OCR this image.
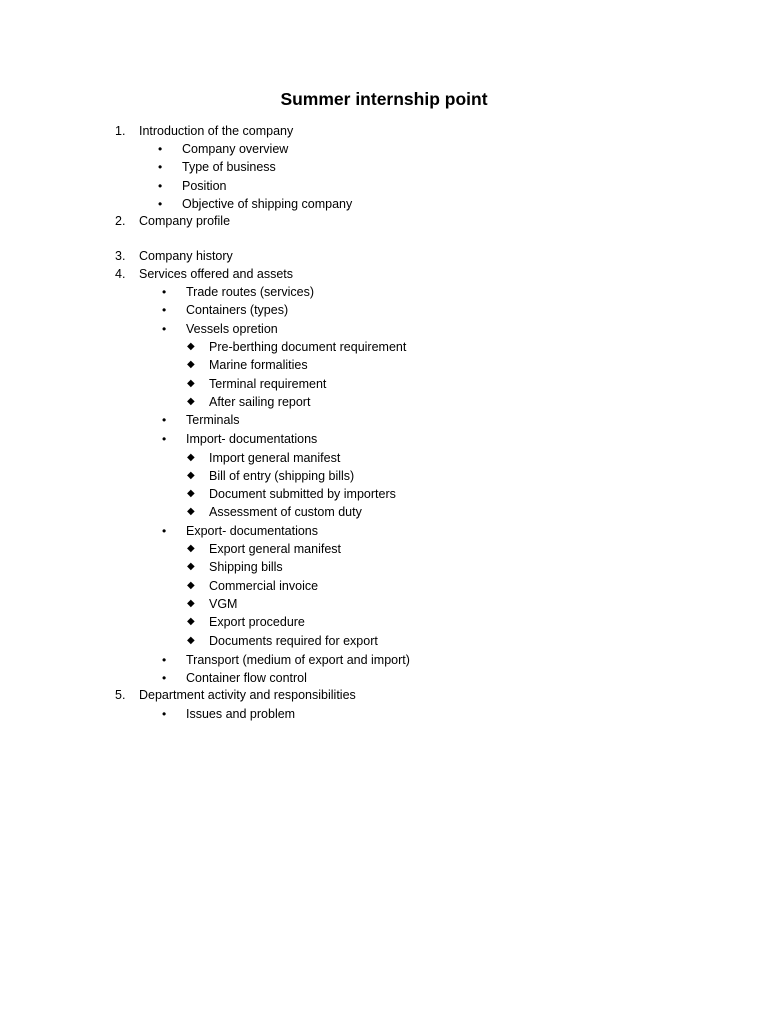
Summer internship point
1. Introduction of the company
• Company overview
• Type of business
• Position
• Objective of shipping company
2. Company profile
3. Company history
4. Services offered and assets
• Trade routes (services)
• Containers (types)
• Vessels opretion
◆ Pre-berthing document requirement
◆ Marine formalities
◆ Terminal requirement
◆ After sailing report
• Terminals
• Import- documentations
◆ Import general manifest
◆ Bill of entry (shipping bills)
◆ Document submitted by importers
◆ Assessment of custom duty
• Export- documentations
◆ Export general manifest
◆ Shipping bills
◆ Commercial invoice
◆ VGM
◆ Export procedure
◆ Documents required for export
• Transport (medium of export and import)
• Container flow control
5. Department activity and responsibilities
• Issues and problem
